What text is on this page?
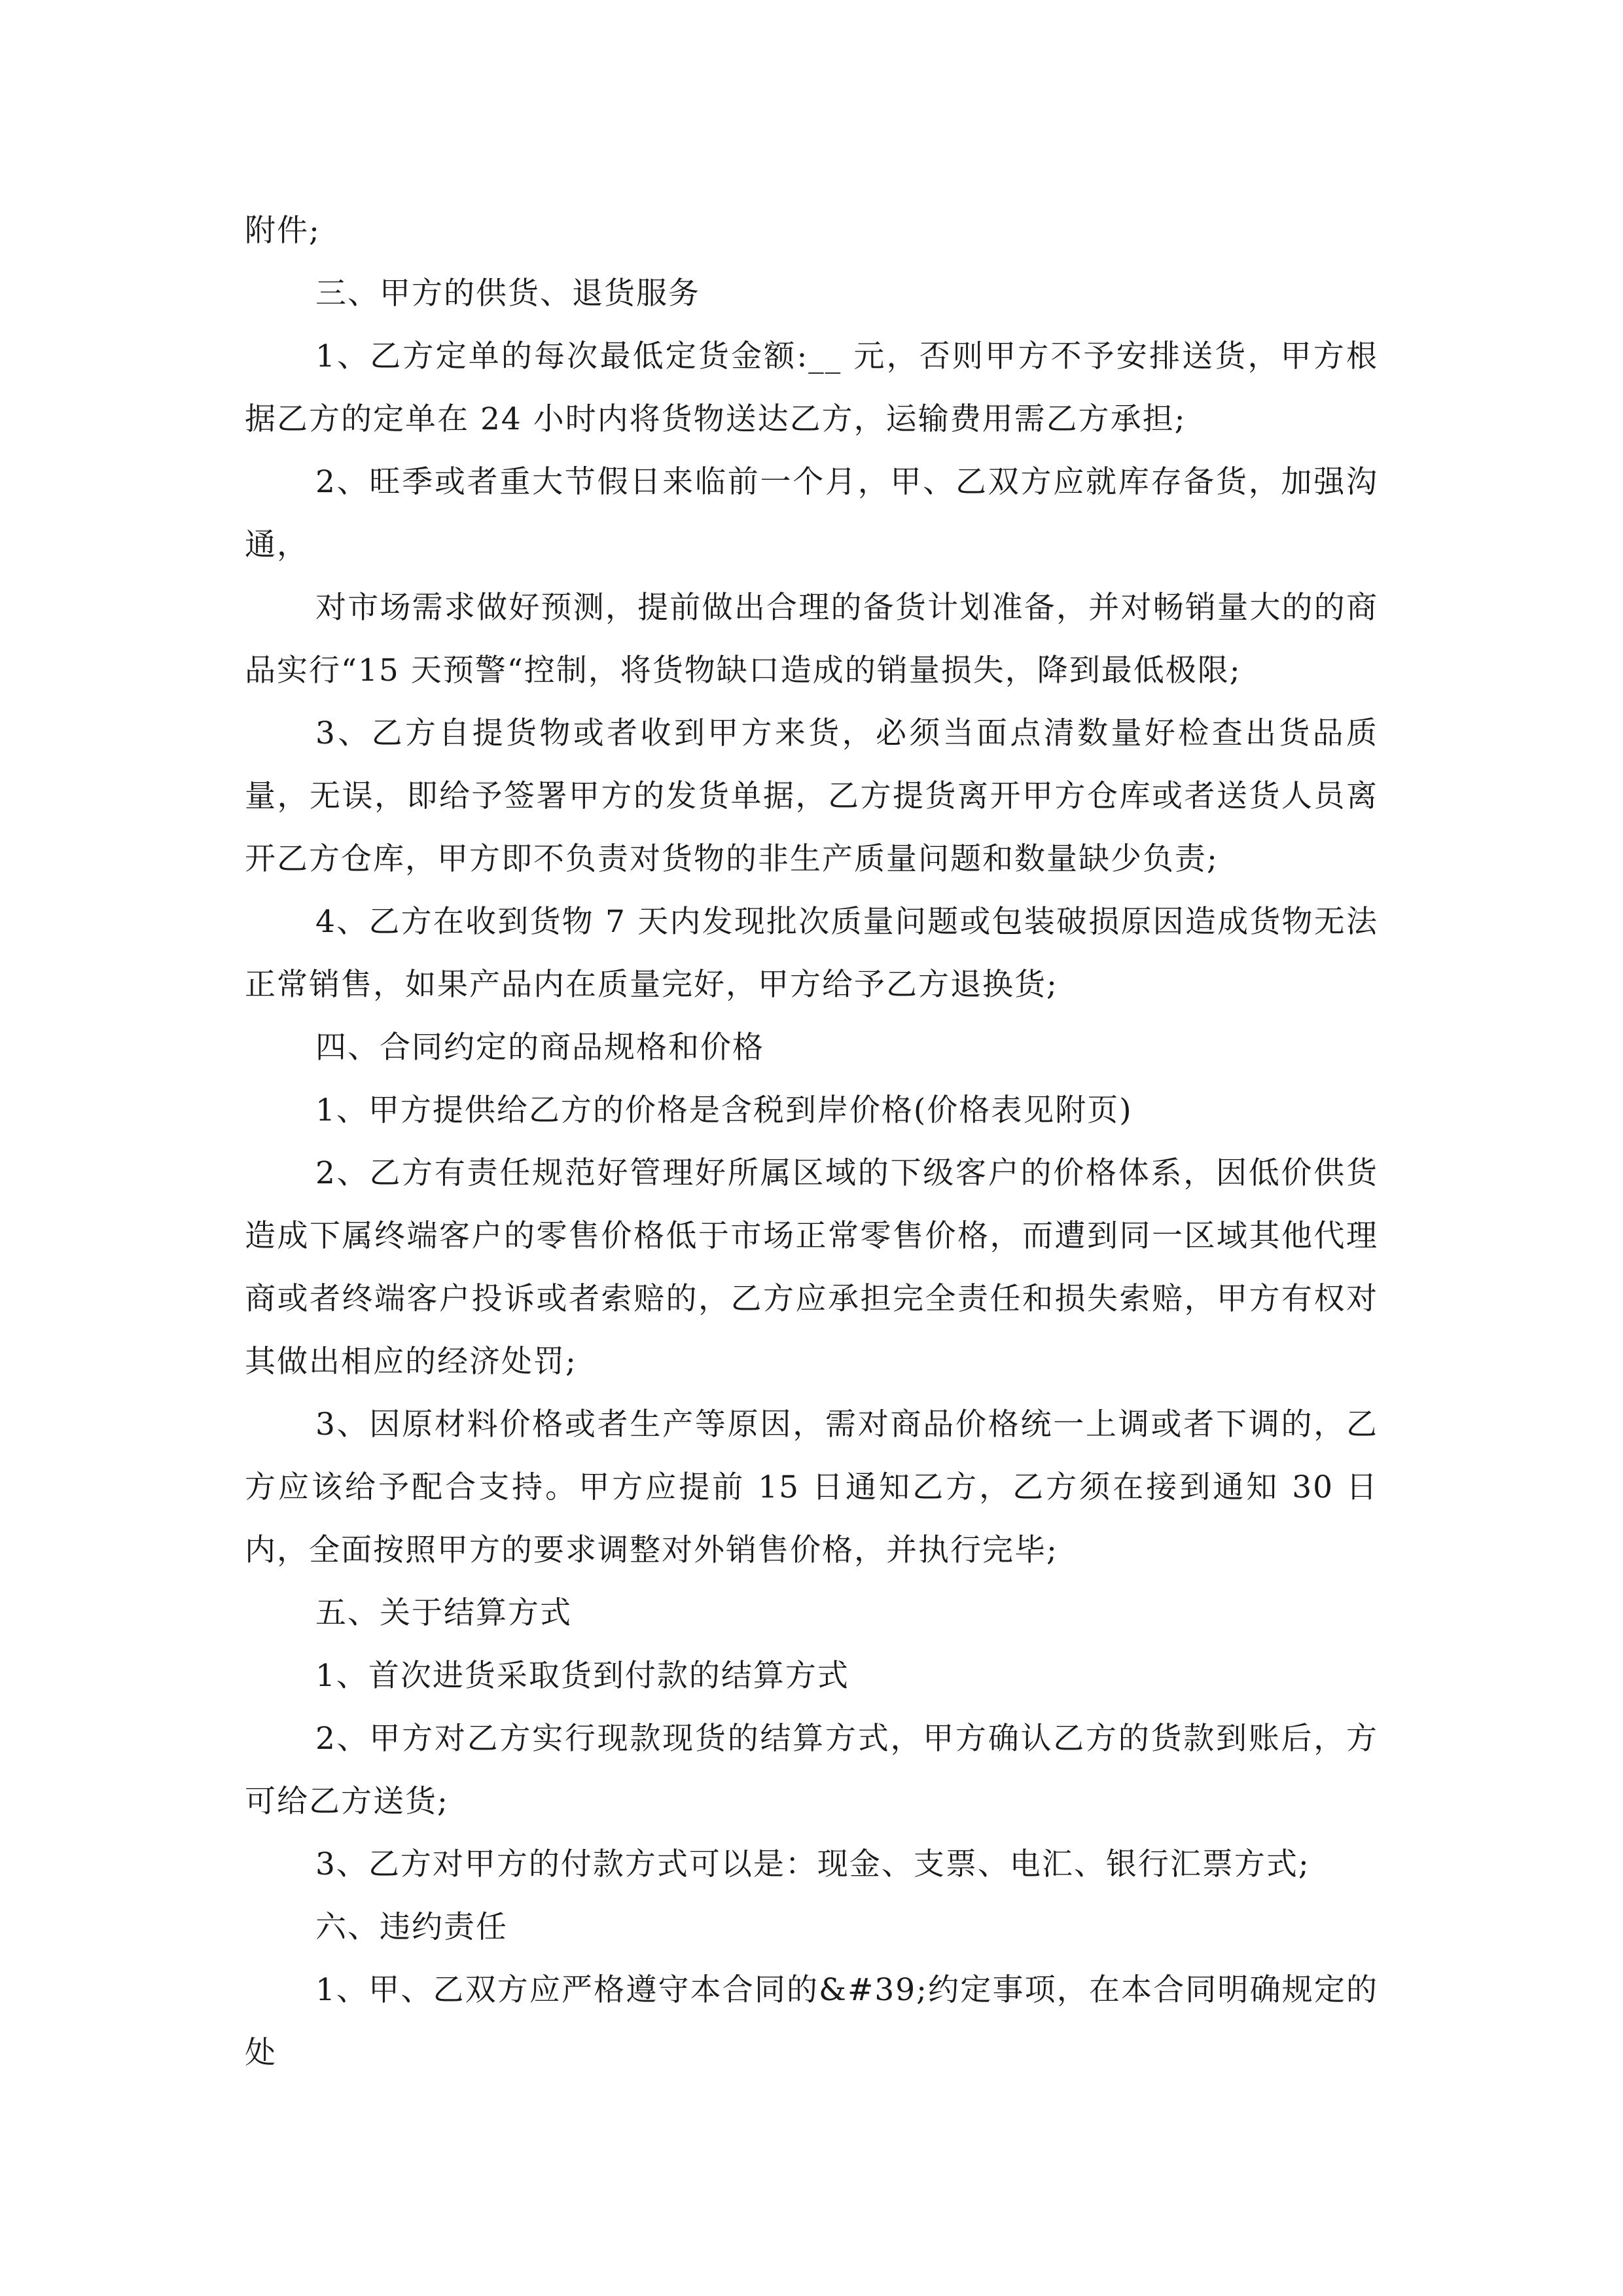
附件;

三、甲方的供货、退货服务

1、乙方定单的每次最低定货金额:__ 元，否则甲方不予安排送货，甲方根据乙方的定单在 24 小时内将货物送达乙方，运输费用需乙方承担;

2、旺季或者重大节假日来临前一个月，甲、乙双方应就库存备货，加强沟通，

对市场需求做好预测，提前做出合理的备货计划准备，并对畅销量大的的商品实行“15 天预警“控制，将货物缺口造成的销量损失，降到最低极限;

3、乙方自提货物或者收到甲方来货，必须当面点清数量好检查出货品质量，无误，即给予签署甲方的发货单据，乙方提货离开甲方仓库或者送货人员离开乙方仓库，甲方即不负责对货物的非生产质量问题和数量缺少负责;

4、乙方在收到货物 7 天内发现批次质量问题或包装破损原因造成货物无法正常销售，如果产品内在质量完好，甲方给予乙方退换货;

四、合同约定的商品规格和价格

1、甲方提供给乙方的价格是含税到岸价格(价格表见附页)

2、乙方有责任规范好管理好所属区域的下级客户的价格体系，因低价供货造成下属终端客户的零售价格低于市场正常零售价格，而遭到同一区域其他代理商或者终端客户投诉或者索赔的，乙方应承担完全责任和损失索赔，甲方有权对其做出相应的经济处罚;

3、因原材料价格或者生产等原因，需对商品价格统一上调或者下调的，乙方应该给予配合支持。甲方应提前 15 日通知乙方，乙方须在接到通知 30 日内，全面按照甲方的要求调整对外销售价格，并执行完毕;

五、关于结算方式

1、首次进货采取货到付款的结算方式

2、甲方对乙方实行现款现货的结算方式，甲方确认乙方的货款到账后，方可给乙方送货;

3、乙方对甲方的付款方式可以是：现金、支票、电汇、银行汇票方式;

六、违约责任

1、甲、乙双方应严格遵守本合同的&#39;约定事项，在本合同明确规定的处
